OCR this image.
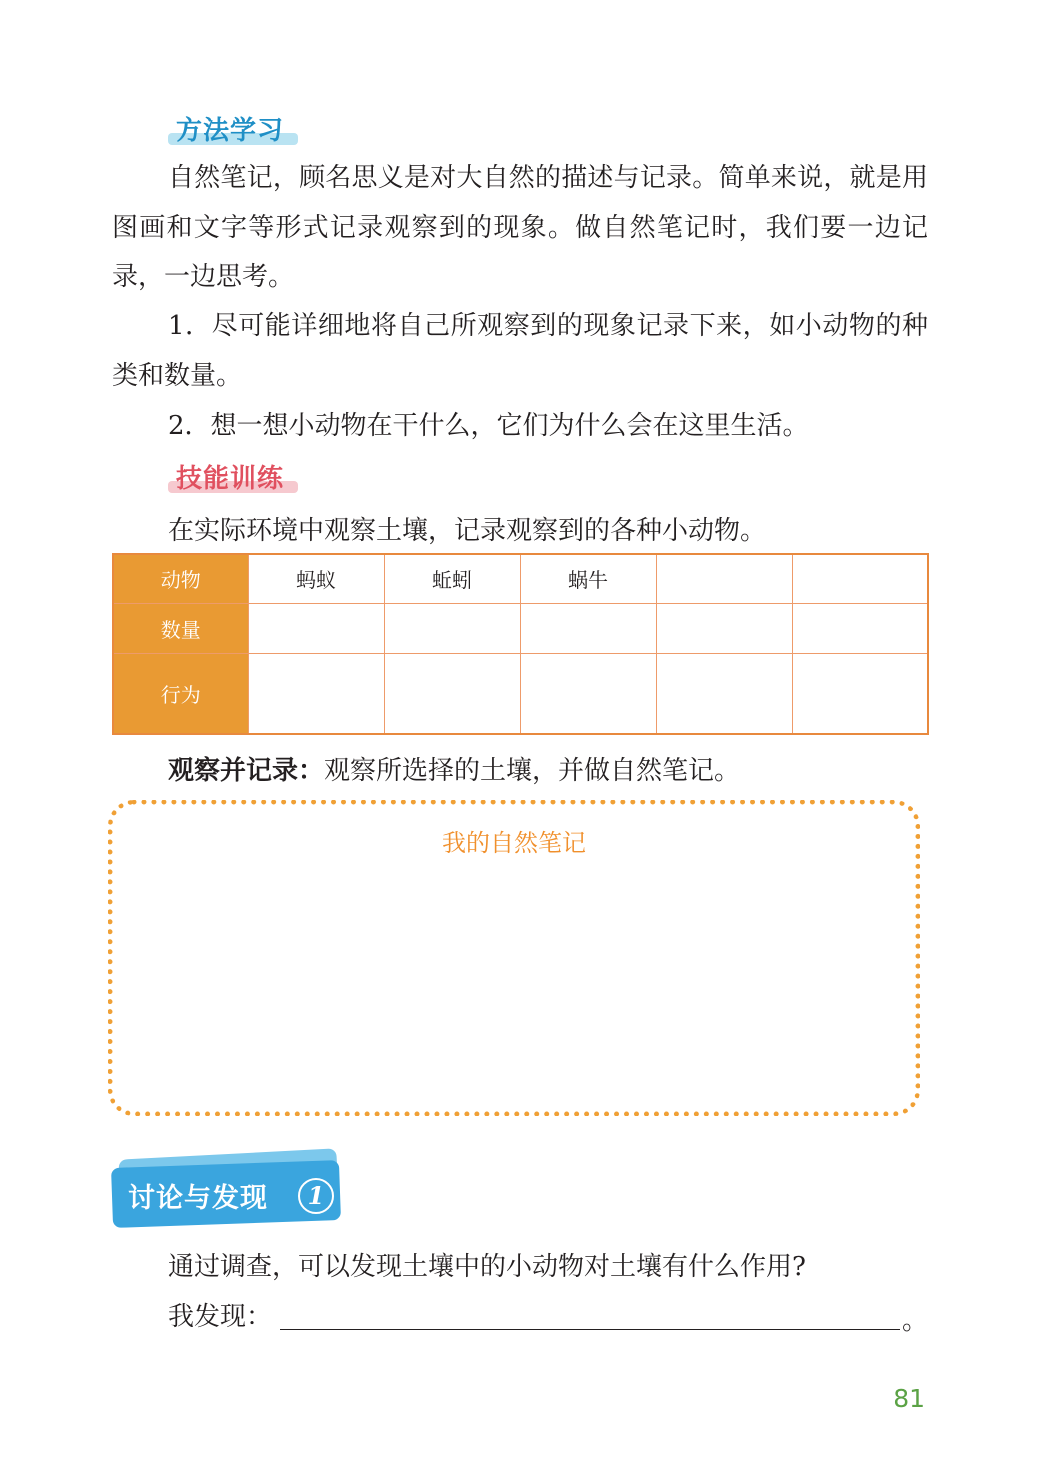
方法学习
自然笔记，顾名思义是对大自然的描述与记录。简单来说，就是用图画和文字等形式记录观察到的现象。做自然笔记时，我们要一边记录，一边思考。
1．尽可能详细地将自己所观察到的现象记录下来，如小动物的种类和数量。
2．想一想小动物在干什么，它们为什么会在这里生活。
技能训练
在实际环境中观察土壤，记录观察到的各种小动物。
动物	蚂蚁	蚯蚓	蜗牛		
数量					
行为					
观察并记录：观察所选择的土壤，并做自然笔记。
我的自然笔记
讨论与发现	1
通过调查，可以发现土壤中的小动物对土壤有什么作用?
我发现：	。
81
